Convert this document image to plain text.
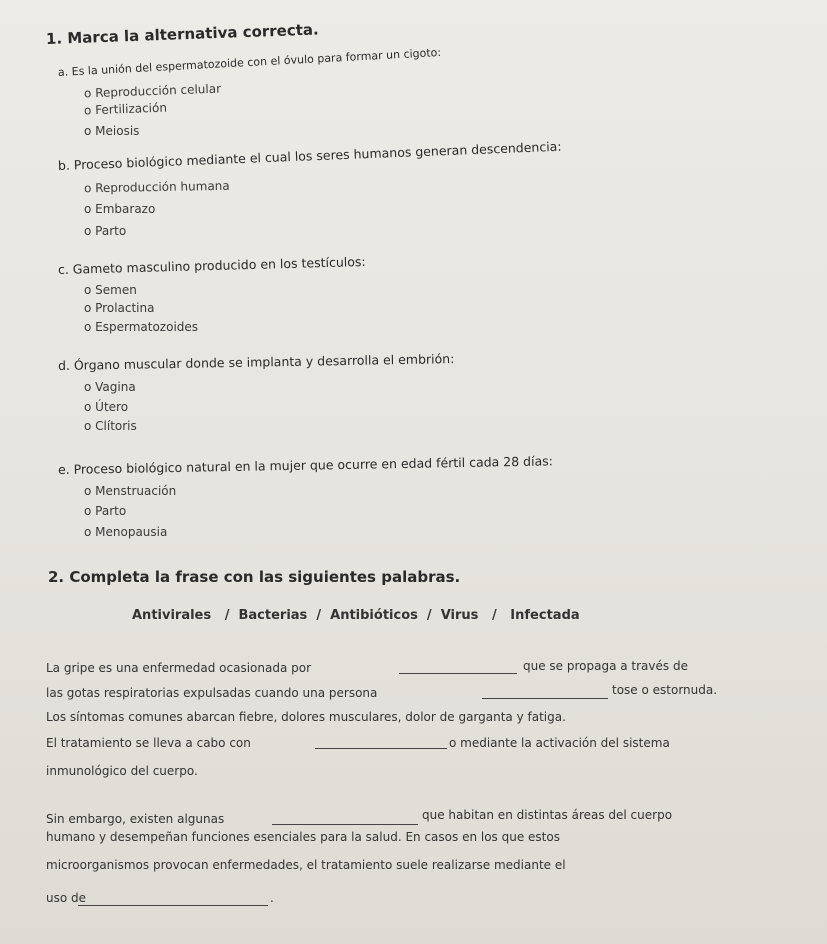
1. Marca la alternativa correcta.
a. Es la unión del espermatozoide con el óvulo para formar un cigoto:
o Reproducción celular
o Fertilización
o Meiosis
b. Proceso biológico mediante el cual los seres humanos generan descendencia:
o Reproducción humana
o Embarazo
o Parto
c. Gameto masculino producido en los testículos:
o Semen
o Prolactina
o Espermatozoides
d. Órgano muscular donde se implanta y desarrolla el embrión:
o Vagina
o Útero
o Clítoris
e. Proceso biológico natural en la mujer que ocurre en edad fértil cada 28 días:
o Menstruación
o Parto
o Menopausia
2. Completa la frase con las siguientes palabras.
Antivirales   /  Bacterias  /  Antibióticos  /  Virus   /   Infectada
La gripe es una enfermedad ocasionada por	que se propaga a través de
las gotas respiratorias expulsadas cuando una persona	tose o estornuda.
Los síntomas comunes abarcan fiebre, dolores musculares, dolor de garganta y fatiga.
El tratamiento se lleva a cabo con	o mediante la activación del sistema
inmunológico del cuerpo.
Sin embargo, existen algunas	que habitan en distintas áreas del cuerpo
humano y desempeñan funciones esenciales para la salud. En casos en los que estos
microorganismos provocan enfermedades, el tratamiento suele realizarse mediante el
uso de	.
